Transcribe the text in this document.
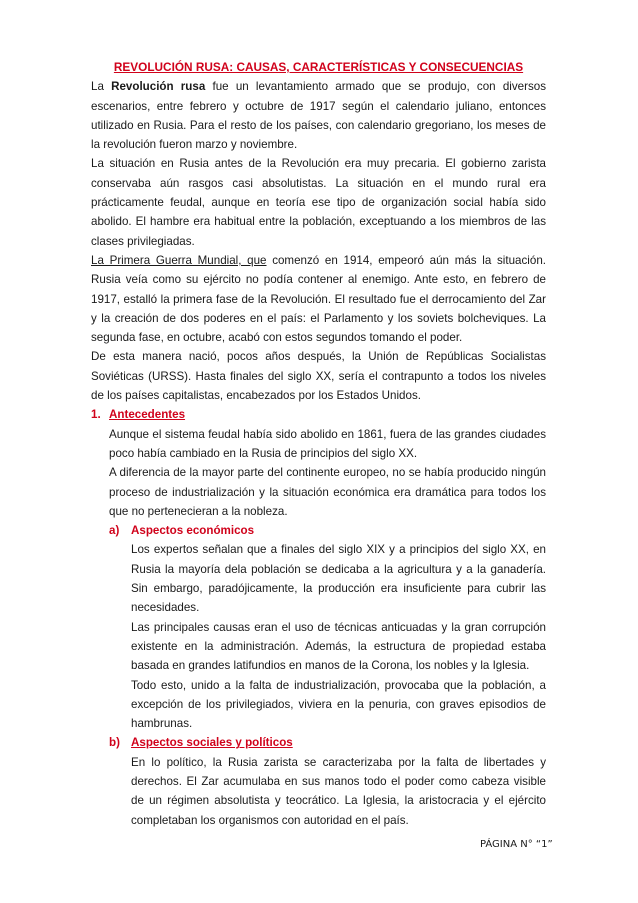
REVOLUCIÓN RUSA: CAUSAS, CARACTERÍSTICAS Y CONSECUENCIAS

La Revolución rusa fue un levantamiento armado que se produjo, con diversos escenarios, entre febrero y octubre de 1917 según el calendario juliano, entonces utilizado en Rusia. Para el resto de los países, con calendario gregoriano, los meses de la revolución fueron marzo y noviembre.

La situación en Rusia antes de la Revolución era muy precaria. El gobierno zarista conservaba aún rasgos casi absolutistas. La situación en el mundo rural era prácticamente feudal, aunque en teoría ese tipo de organización social había sido abolido. El hambre era habitual entre la población, exceptuando a los miembros de las clases privilegiadas.

La Primera Guerra Mundial, que comenzó en 1914, empeoró aún más la situación. Rusia veía como su ejército no podía contener al enemigo. Ante esto, en febrero de 1917, estalló la primera fase de la Revolución. El resultado fue el derrocamiento del Zar y la creación de dos poderes en el país: el Parlamento y los soviets bolcheviques. La segunda fase, en octubre, acabó con estos segundos tomando el poder.

De esta manera nació, pocos años después, la Unión de Repúblicas Socialistas Soviéticas (URSS). Hasta finales del siglo XX, sería el contrapunto a todos los niveles de los países capitalistas, encabezados por los Estados Unidos.

1. Antecedentes

Aunque el sistema feudal había sido abolido en 1861, fuera de las grandes ciudades poco había cambiado en la Rusia de principios del siglo XX.

A diferencia de la mayor parte del continente europeo, no se había producido ningún proceso de industrialización y la situación económica era dramática para todos los que no pertenecieran a la nobleza.

a)	Aspectos económicos

Los expertos señalan que a finales del siglo XIX y a principios del siglo XX, en Rusia la mayoría dela población se dedicaba a la agricultura y a la ganadería. Sin embargo, paradójicamente, la producción era insuficiente para cubrir las necesidades.

Las principales causas eran el uso de técnicas anticuadas y la gran corrupción existente en la administración. Además, la estructura de propiedad estaba basada en grandes latifundios en manos de la Corona, los nobles y la Iglesia.

Todo esto, unido a la falta de industrialización, provocaba que la población, a excepción de los privilegiados, viviera en la penuria, con graves episodios de hambrunas.

b) Aspectos sociales y políticos

En lo político, la Rusia zarista se caracterizaba por la falta de libertades y derechos. El Zar acumulaba en sus manos todo el poder como cabeza visible de un régimen absolutista y teocrático. La Iglesia, la aristocracia y el ejército completaban los organismos con autoridad en el país.

PÁGINA N° “1”
